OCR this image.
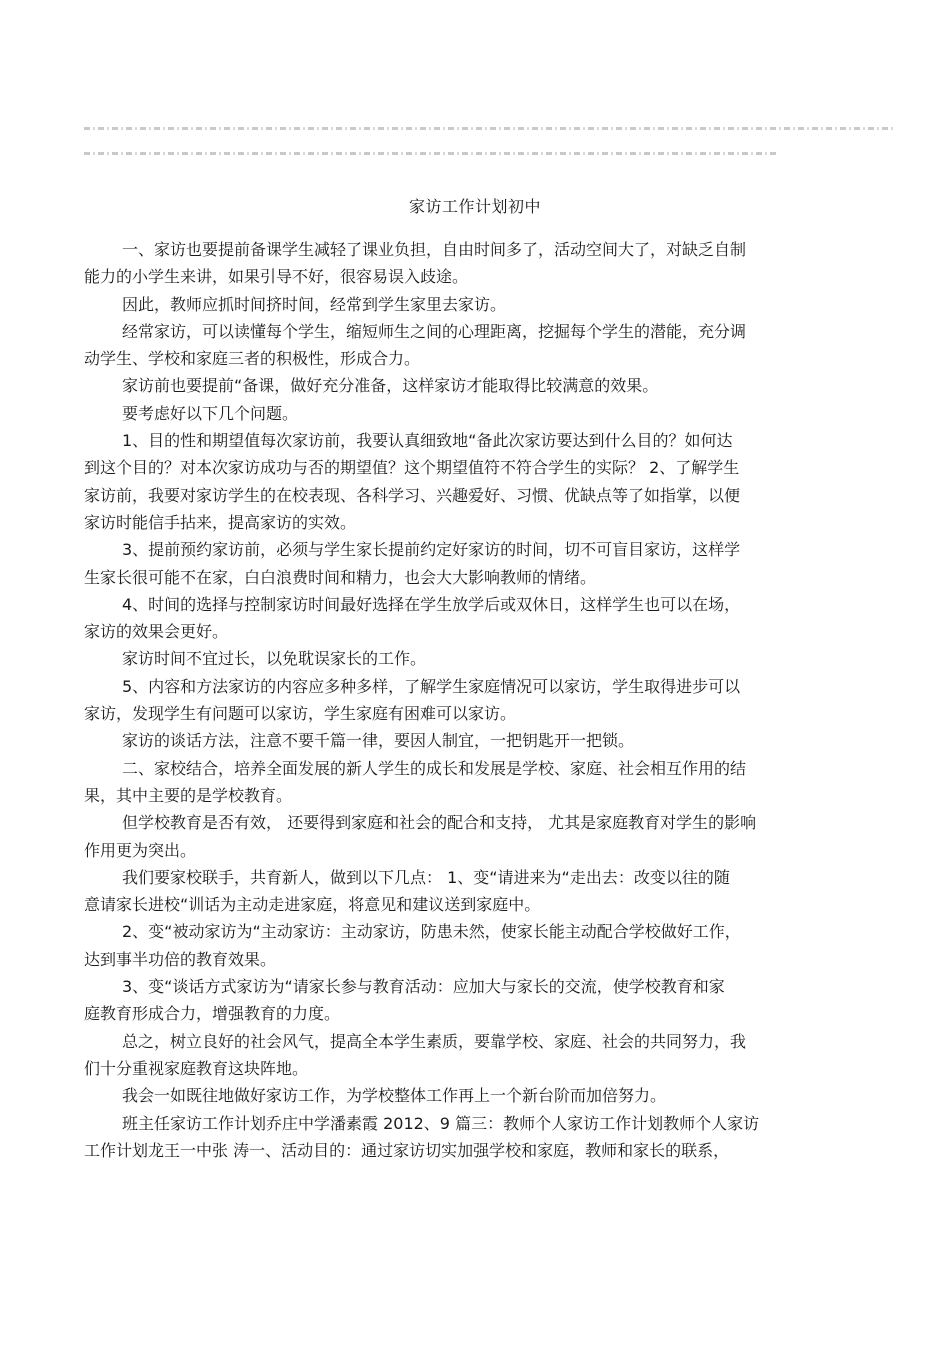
家访工作计划初中
一、家访也要提前备课学生减轻了课业负担，自由时间多了，活动空间大了，对缺乏自制
能力的小学生来讲，如果引导不好，很容易误入歧途。
因此，教师应抓时间挤时间，经常到学生家里去家访。
经常家访，可以读懂每个学生，缩短师生之间的心理距离，挖掘每个学生的潜能，充分调
动学生、学校和家庭三者的积极性，形成合力。
家访前也要提前“备课，做好充分准备，这样家访才能取得比较满意的效果。
要考虑好以下几个问题。
1、目的性和期望值每次家访前，我要认真细致地“备此次家访要达到什么目的？如何达
到这个目的？对本次家访成功与否的期望值？这个期望值符不符合学生的实际？ 2、了解学生
家访前，我要对家访学生的在校表现、各科学习、兴趣爱好、习惯、优缺点等了如指掌，以便
家访时能信手拈来，提高家访的实效。
3、提前预约家访前，必须与学生家长提前约定好家访的时间，切不可盲目家访，这样学
生家长很可能不在家，白白浪费时间和精力，也会大大影响教师的情绪。
4、时间的选择与控制家访时间最好选择在学生放学后或双休日，这样学生也可以在场，
家访的效果会更好。
家访时间不宜过长，以免耽误家长的工作。
5、内容和方法家访的内容应多种多样，了解学生家庭情况可以家访，学生取得进步可以
家访，发现学生有问题可以家访，学生家庭有困难可以家访。
家访的谈话方法，注意不要千篇一律，要因人制宜，一把钥匙开一把锁。
二、家校结合，培养全面发展的新人学生的成长和发展是学校、家庭、社会相互作用的结
果，其中主要的是学校教育。
但学校教育是否有效， 还要得到家庭和社会的配合和支持， 尤其是家庭教育对学生的影响
作用更为突出。
我们要家校联手，共育新人，做到以下几点： 1、变“请进来为“走出去：改变以往的随
意请家长进校“训话为主动走进家庭，将意见和建议送到家庭中。
2、变“被动家访为“主动家访：主动家访，防患未然，使家长能主动配合学校做好工作，
达到事半功倍的教育效果。
3、变“谈话方式家访为“请家长参与教育活动：应加大与家长的交流，使学校教育和家
庭教育形成合力，增强教育的力度。
总之，树立良好的社会风气，提高全本学生素质，要靠学校、家庭、社会的共同努力，我
们十分重视家庭教育这块阵地。
我会一如既往地做好家访工作，为学校整体工作再上一个新台阶而加倍努力。
班主任家访工作计划乔庄中学潘素霞 2012、9 篇三：教师个人家访工作计划教师个人家访
工作计划龙王一中张 涛一、活动目的：通过家访切实加强学校和家庭，教师和家长的联系，
